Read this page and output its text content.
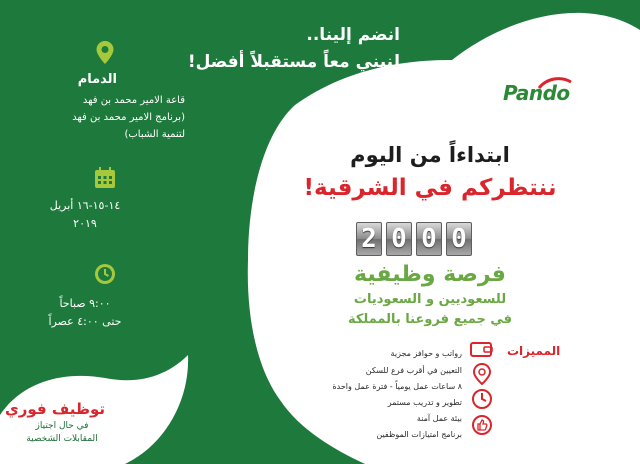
انضم إلينا..
لنبني معاً مستقبلاً أفضل!
Pando
ابتداءاً من اليوم
ننتظركم في الشرقية!
2 0 0 0
فرصة وظيفية
للسعوديين و السعوديات
في جميع فروعنا بالمملكة
المميزات
رواتب و حوافز مجزية
التعيين في أقرب فرع للسكن
٨ ساعات عمل يومياً - فترة عمل واحدة
تطوير و تدريب مستمر
بيئة عمل آمنة
برنامج امتيازات الموظفين
الدمام
قاعة الامير محمد بن فهد
(برنامج الامير محمد بن فهد
لتنمية الشباب)
١٤-١٥-١٦ أبريل
٢٠١٩
٩:٠٠ صباحاً
حتى ٤:٠٠ عصراً
توظيف فوري
في حال اجتياز
المقابلات الشخصية
